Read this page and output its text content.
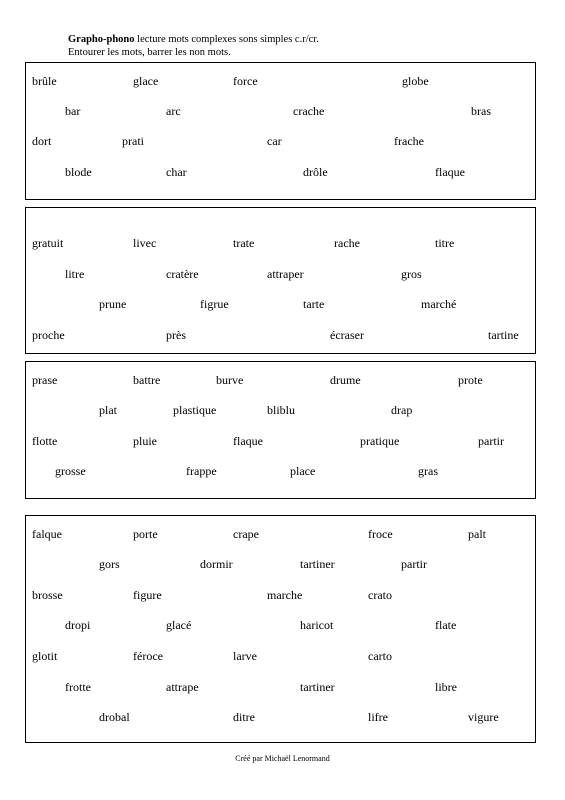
Grapho-phono lecture mots complexes sons simples c.r/cr.
Entourer les mots, barrer les non mots.
Créé par Michaël Lenormand
brûle	glace	force	globe
bar	arc	crache	bras
dort	prati	car	frache
blode	char	drôle	flaque
gratuit	livec	trate	rache	titre
litre	cratère	attraper	gros
prune	figrue	tarte	marché
proche	près	écraser	tartine
prase	battre	burve	drume	prote
plat	plastique	bliblu	drap
flotte	pluie	flaque	pratique	partir
grosse	frappe	place	gras
falque	porte	crape	froce	palt
gors	dormir	tartiner	partir
brosse	figure	marche	crato
dropi	glacé	haricot	flate
glotit	féroce	larve	carto
frotte	attrape	tartiner	libre
drobal	ditre	lifre	vigure
